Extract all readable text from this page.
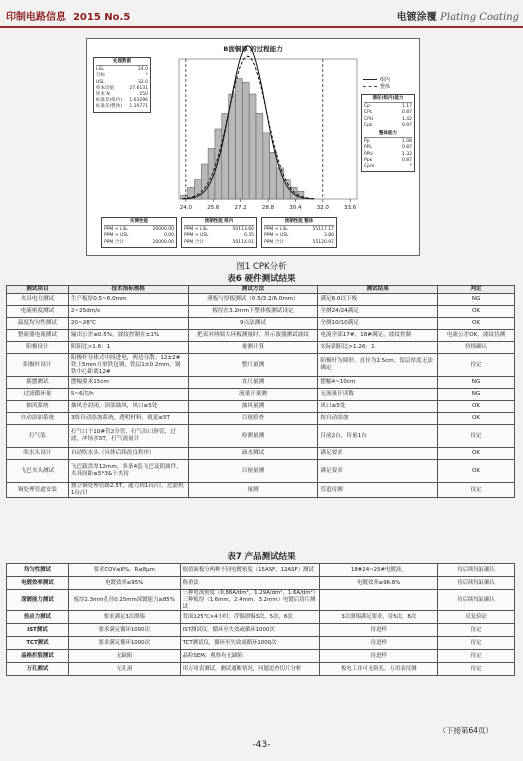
印制电路信息 2015 No.5	电镀涂覆 Plating Coating
B面铜厚 的过程能力
处理数据
LSL	24.0
目标	*
USL	32.0
样本均值	27.6131
样本 N	250
标准差(组内) 1.03296
标准差(整体) 1.10771
组内
整体
潜在(组内)能力
Cp	1.17
CPL	0.87
CPU	1.42
Cpk	0.97
整体能力
Pp	1.08
PPL	0.87
PPU	1.32
Ppk	0.87
Cpm	*
24.0	25.6	27.2	28.8	30.4	32.0	33.6
实测性能
PPM < LSL	20000.00
PPM > USL	0.00
PPM 合计	20000.00
预期性能 组内
PPM < LSL	50113.66
PPM > USL	0.35
PPM 合计	50114.01
预期性能 整体
PPM < LSL	55117.17
PPM > USL	3.80
PPM 合计	55120.97
图1 CPK分析
表6 硬件测试结果
测试项目	技术指标规格	测试方法	测试结果	判定
夹具电力测试	生产板厚0.5~6.0mm	薄板与厚板测试（0.5/3.2/6.0mm）	满足6.0以下板	NG
电流密度测试	2~25dm/s	板厚在3.2mm下整体板测试设定	全测24/24满足	OK
温度均匀性测试	20~28℃	9点法测试	全测10/10满足	OK
整流器电流测试	输出公差≤0.5%，波纹控制在±1%	把表对两端大环板测量时，用示波器测试波纹	电流全部17#，18#满足，波纹控制	电流公差OK，波纹待测
阳极设计	阴阳比>1.6：1	量测计算	实际阴阳比>1.26：1	持续确认
阳极杆设计	阳极杆分体式中间进电，两边分散；12±2#铁上5mm方形铁包钢，铁层1±0.2mm，钢铁中心距离12#	整尺量测	阳极杆为圆形，直径为2.5cm，钛层厚度无法确定	待定
摇摆测试	摆幅要求15cm	直尺量测	摆幅4~10cm	NG
过滤循环量	5~6次/h	流量计量测	无流量计读数	NG
抽风系统	抽风全封闭，顶部抽风，风口≥5处	抽风量测	风口≥5处	OK
自动添加系统	3组自动添加系统，透明材料，视觉≤5T	目视检查	按自动添加	OK
打气装	打气口于10#管2分管，打气出口斜管、过滤，冲场水5T，打气流量计	检测量测	目前2台，待量1台	待定
吹水头设计	自动吹水头（具体后续改良程序）	滴水测试	满足要求	OK
飞巴夹头测试	飞巴载盘厚12mm，多条4套飞巴及阴属件，夹具间距≤5*3&于夹持	目视量测	满足要求	OK
铜处理管道安装	独立铜处理管路2.5T，通力到1台/日，过滤机1台/日	量测	管道待测	待定
表7 产品测试结果
均匀性测试	要求COV≤8%，R≤8μm	取值面板分两种不同电镀密度（15ASF，12ASF）测试	18#24~25#电镀液，	待后续每缸确认
电镀效率测试	电镀效率≥95%	称重法	电镀效率≥96.8%	待后续每缸确认
深镀能力测试	板厚2.3mm孔径0.25mm深镀能力≥85%	三种电流密度（0.86A/dm²，1.29A/dm²，1.6A/dm²）三种板厚（1.6mm，2.4mm，3.2mm）电镀后切片测试		待后续每缸确认
热应力测试	要求满足3次漂锡	背面125℃×4小时，浮锡漂锡3次，5次，8次	3次漂锡满足要求，待5次，8次	反复验证
IST测试	要求满足循环1000次	IST测试仪，循环至失效或循环1000次	待进样	待定
TCT测试	要求满足循环1000次	TCT测试仪，循环至失效或循环1000次	待进样	待定
晶格折裂测试	无缺陷	晶粒SEM，观察有无缺陷	待进样	待定
万孔测试	无孔洞	用万用表测试，测试通断情况，问题追查切片分析	板电工序可无阻孔，万用表待测	待定
（下接第64页）
-43-
